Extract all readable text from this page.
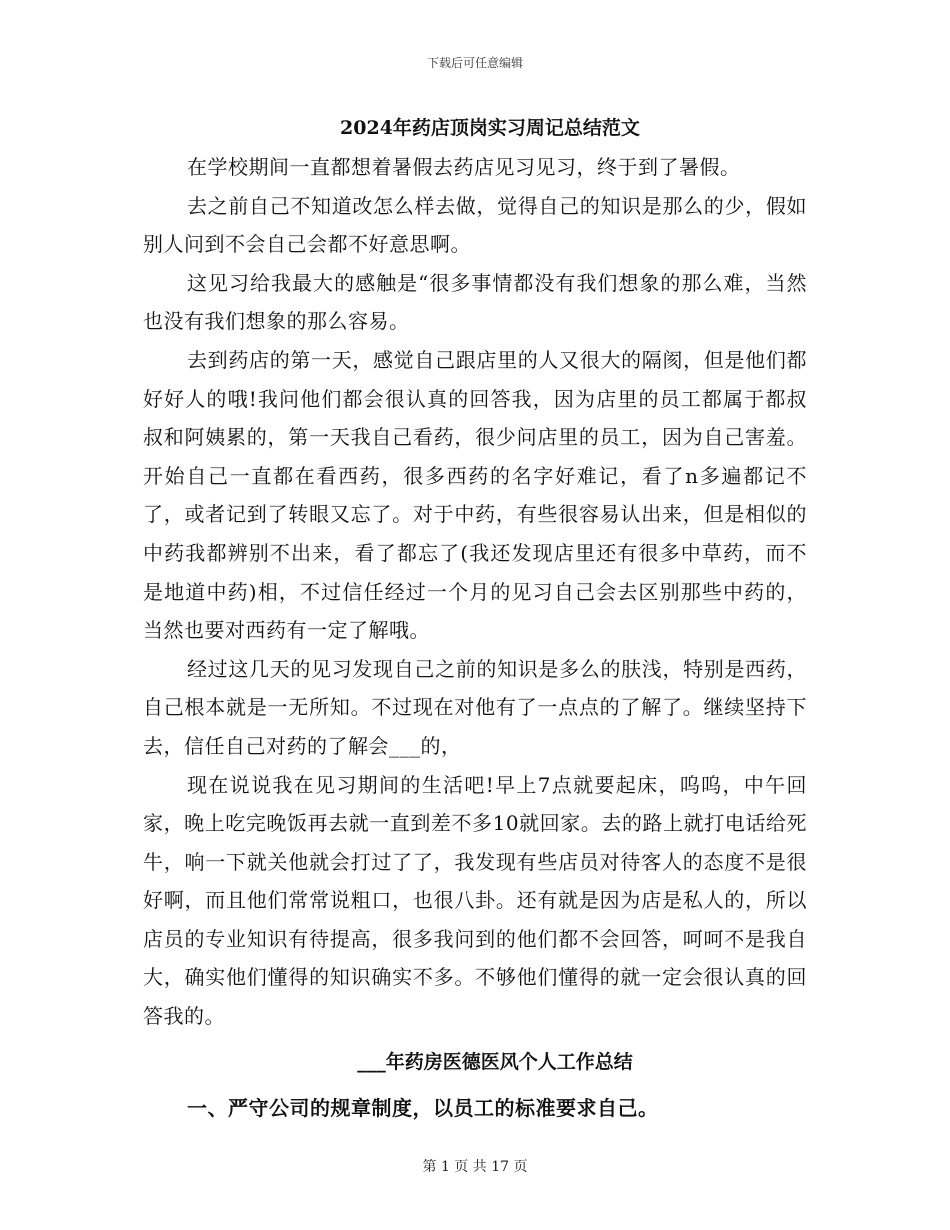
下载后可任意编辑
2024年药店顶岗实习周记总结范文

在学校期间一直都想着暑假去药店见习见习，终于到了暑假。

去之前自己不知道改怎么样去做，觉得自己的知识是那么的少，假如别人问到不会自己会都不好意思啊。

这见习给我最大的感触是“很多事情都没有我们想象的那么难，当然也没有我们想象的那么容易。

去到药店的第一天，感觉自己跟店里的人又很大的隔阂，但是他们都好好人的哦!我问他们都会很认真的回答我，因为店里的员工都属于都叔叔和阿姨累的，第一天我自己看药，很少问店里的员工，因为自己害羞。开始自己一直都在看西药，很多西药的名字好难记，看了n多遍都记不了，或者记到了转眼又忘了。对于中药，有些很容易认出来，但是相似的中药我都辨别不出来，看了都忘了(我还发现店里还有很多中草药，而不是地道中药)相，不过信任经过一个月的见习自己会去区别那些中药的，当然也要对西药有一定了解哦。

经过这几天的见习发现自己之前的知识是多么的肤浅，特别是西药，自己根本就是一无所知。不过现在对他有了一点点的了解了。继续坚持下去，信任自己对药的了解会___的，

现在说说我在见习期间的生活吧!早上7点就要起床，呜呜，中午回家，晚上吃完晚饭再去就一直到差不多10就回家。去的路上就打电话给死牛，响一下就关他就会打过了了，我发现有些店员对待客人的态度不是很好啊，而且他们常常说粗口，也很八卦。还有就是因为店是私人的，所以店员的专业知识有待提高，很多我问到的他们都不会回答，呵呵不是我自大，确实他们懂得的知识确实不多。不够他们懂得的就一定会很认真的回答我的。

___年药房医德医风个人工作总结
一、严守公司的规章制度，以员工的标准要求自己。
第 1 页 共 17 页
